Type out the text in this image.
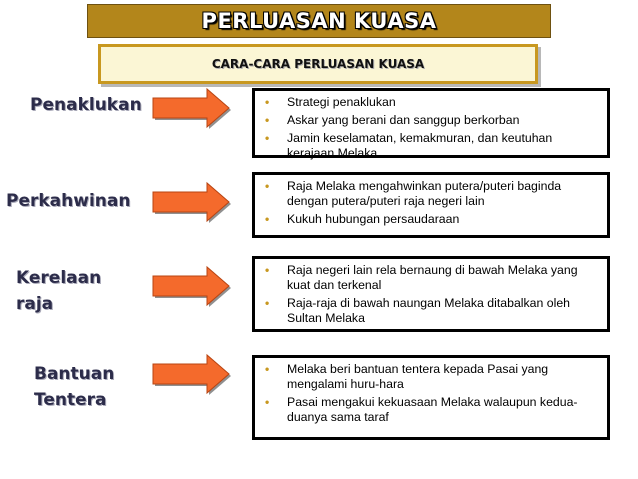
PERLUASAN KUASA
CARA-CARA PERLUASAN KUASA
Penaklukan	• Strategi penaklukan
• Askar yang berani dan sanggup berkorban
• Jamin keselamatan, kemakmuran, dan keutuhan kerajaan Melaka
Perkahwinan
• Raja Melaka mengahwinkan putera/puteri baginda dengan putera/puteri raja negeri lain
• Kukuh hubungan persaudaraan
Kerelaan
raja
• Raja negeri lain rela bernaung di bawah Melaka yang kuat dan terkenal
• Raja-raja di bawah naungan Melaka ditabalkan oleh Sultan Melaka
Bantuan
Tentera
• Melaka beri bantuan tentera kepada Pasai yang mengalami huru-hara
• Pasai mengakui kekuasaan Melaka walaupun kedua-duanya sama taraf
